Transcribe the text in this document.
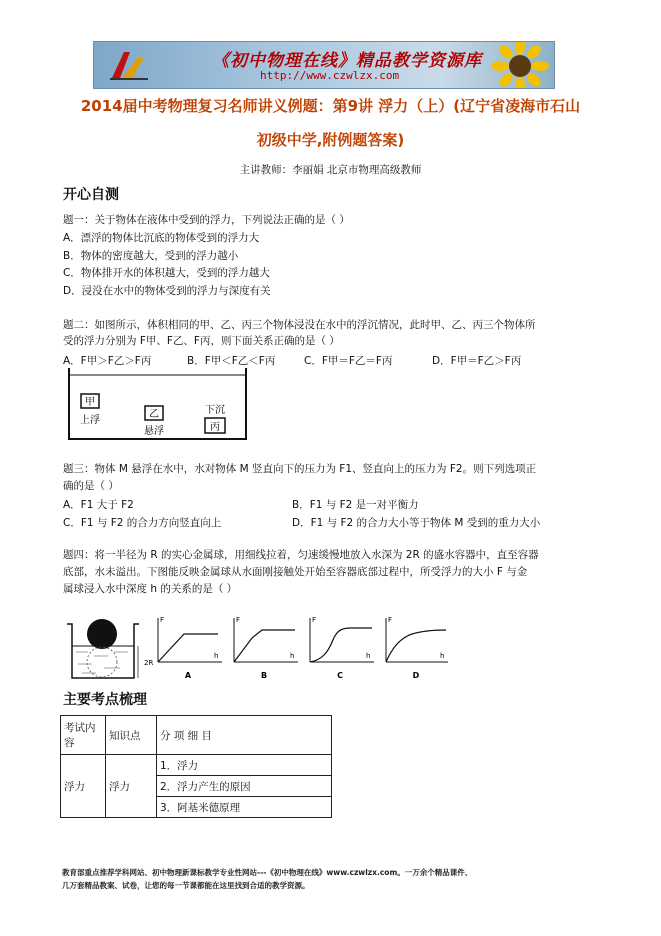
《初中物理在线》精品教学资源库
http://www.czwlzx.com
2014届中考物理复习名师讲义例题：第9讲 浮力（上）(辽宁省凌海市石山
初级中学,附例题答案)
主讲教师：李丽娟 北京市物理高级教师
开心自测
题一：关于物体在液体中受到的浮力，下列说法正确的是（ ）
A．漂浮的物体比沉底的物体受到的浮力大
B．物体的密度越大，受到的浮力越小
C．物体排开水的体积越大，受到的浮力越大
D．浸没在水中的物体受到的浮力与深度有关
题二：如图所示，体积相同的甲、乙、丙三个物体浸没在水中的浮沉情况，此时甲、乙、丙三个物体所
受的浮力分别为 F甲、F乙、F丙，则下面关系正确的是（ ）
A．F甲＞F乙＞F丙	B．F甲＜F乙＜F丙	C．F甲＝F乙＝F丙	D．F甲＝F乙＞F丙
甲
上浮
乙
悬浮
下沉
丙
题三：物体 M 悬浮在水中，水对物体 M 竖直向下的压力为 F1、竖直向上的压力为 F2。则下列选项正
确的是（ ）
A．F1 大于 F2	B．F1 与 F2 是一对平衡力
C．F1 与 F2 的合力方向竖直向上	D．F1 与 F2 的合力大小等于物体 M 受到的重力大小
题四：将一半径为 R 的实心金属球，用细线拉着，匀速缓慢地放入水深为 2R 的盛水容器中，直至容器
底部，水未溢出。下图能反映金属球从水面刚接触处开始至容器底部过程中，所受浮力的大小 F 与金
属球浸入水中深度 h 的关系的是（ ）
2R
F
h
A
F
h
B
F
h
C
F
h
D
主要考点梳理
考试内容	知识点	分 项 细 目
浮力	浮力	1．浮力
		2．浮力产生的原因
		3．阿基米德原理
教育部重点推荐学科网站、初中物理新课标教学专业性网站---《初中物理在线》www.czwlzx.com。一万余个精品课件、
几万套精品教案、试卷，让您的每一节课都能在这里找到合适的教学资源。
